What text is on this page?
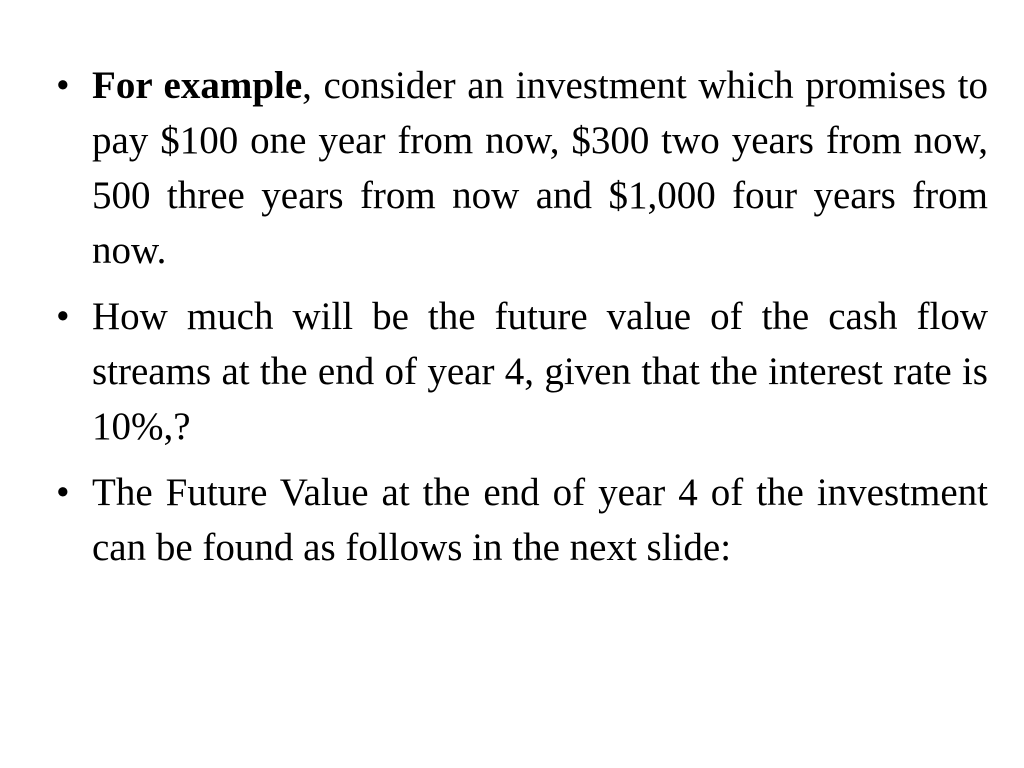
• For example, consider an investment which promises to pay $100 one year from now, $300 two years from now, 500 three years from now and $1,000 four years from now.
• How much will be the future value of the cash flow streams at the end of year 4, given that the interest rate is 10%,?
• The Future Value at the end of year 4 of the investment can be found as follows in the next slide:
